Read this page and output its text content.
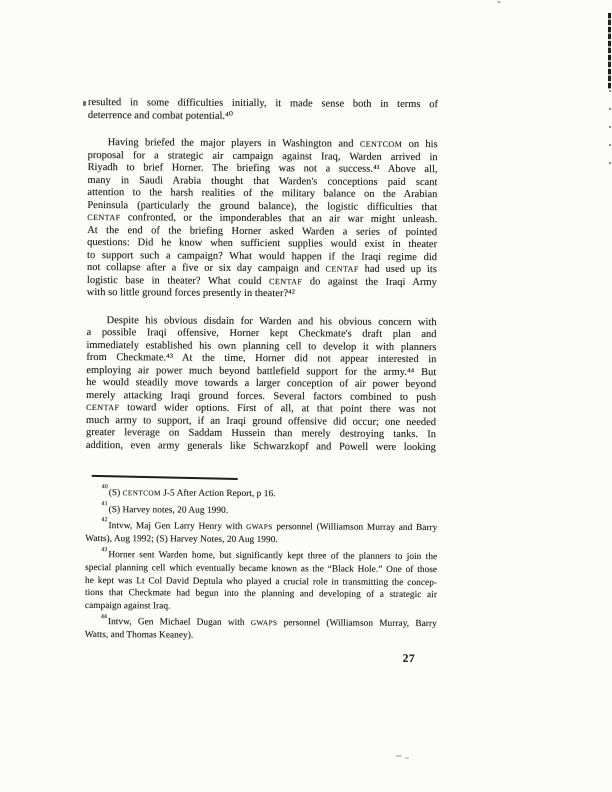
resulted in some difficulties initially, it made sense both in terms of
deterrence and combat potential.⁴⁰
Having briefed the major players in Washington and CENTCOM on his
proposal for a strategic air campaign against Iraq, Warden arrived in
Riyadh to brief Horner. The briefing was not a success.⁴¹ Above all,
many in Saudi Arabia thought that Warden's conceptions paid scant
attention to the harsh realities of the military balance on the Arabian
Peninsula (particularly the ground balance), the logistic difficulties that
CENTAF confronted, or the imponderables that an air war might unleash.
At the end of the briefing Horner asked Warden a series of pointed
questions: Did he know when sufficient supplies would exist in theater
to support such a campaign? What would happen if the Iraqi regime did
not collapse after a five or six day campaign and CENTAF had used up its
logistic base in theater? What could CENTAF do against the Iraqi Army
with so little ground forces presently in theater?⁴²
Despite his obvious disdain for Warden and his obvious concern with
a possible Iraqi offensive, Horner kept Checkmate's draft plan and
immediately established his own planning cell to develop it with planners
from Checkmate.⁴³ At the time, Horner did not appear interested in
employing air power much beyond battlefield support for the army.⁴⁴ But
he would steadily move towards a larger conception of air power beyond
merely attacking Iraqi ground forces. Several factors combined to push
CENTAF toward wider options. First of all, at that point there was not
much army to support, if an Iraqi ground offensive did occur; one needed
greater leverage on Saddam Hussein than merely destroying tanks. In
addition, even army generals like Schwarzkopf and Powell were looking
$^{40}$(S) CENTCOM J-5 After Action Report, p 16.
$^{41}$(S) Harvey notes, 20 Aug 1990.
$^{42}$Intvw, Maj Gen Larry Henry with GWAPS personnel (Williamson Murray and Barry
Watts), Aug 1992; (S) Harvey Notes, 20 Aug 1990.
$^{43}$Horner sent Warden home, but significantly kept three of the planners to join the
special planning cell which eventually became known as the “Black Hole.” One of those
he kept was Lt Col David Deptula who played a crucial role in transmitting the concep-
tions that Checkmate had begun into the planning and developing of a strategic air
campaign against Iraq.
$^{44}$Intvw, Gen Michael Dugan with GWAPS personnel (Williamson Murray, Barry
Watts, and Thomas Keaney).
27
